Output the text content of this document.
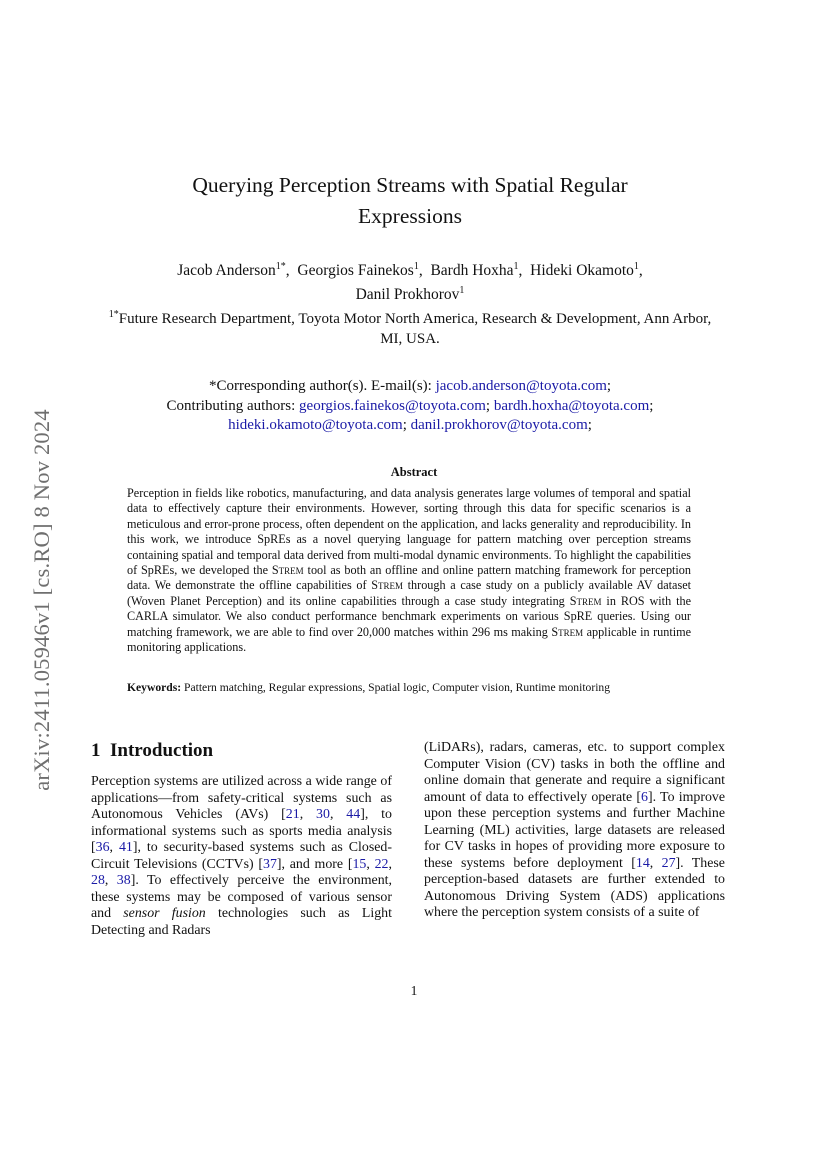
arXiv:2411.05946v1 [cs.RO] 8 Nov 2024
Querying Perception Streams with Spatial Regular Expressions
Jacob Anderson$^{1*}$,  Georgios Fainekos$^1$,  Bardh Hoxha$^1$,  Hideki Okamoto$^1$,
Danil Prokhorov$^1$
$^{1*}$Future Research Department, Toyota Motor North America, Research & Development, Ann Arbor, MI, USA.
*Corresponding author(s). E-mail(s): jacob.anderson@toyota.com;
Contributing authors: georgios.fainekos@toyota.com; bardh.hoxha@toyota.com;
hideki.okamoto@toyota.com; danil.prokhorov@toyota.com;
Abstract

Perception in fields like robotics, manufacturing, and data analysis generates large volumes of temporal and spatial data to effectively capture their environments. However, sorting through this data for specific scenarios is a meticulous and error-prone process, often dependent on the application, and lacks generality and reproducibility. In this work, we introduce SpREs as a novel querying language for pattern matching over perception streams containing spatial and temporal data derived from multi-modal dynamic environments. To highlight the capabilities of SpREs, we developed the Strem tool as both an offline and online pattern matching framework for perception data. We demonstrate the offline capabilities of Strem through a case study on a publicly available AV dataset (Woven Planet Perception) and its online capabilities through a case study integrating Strem in ROS with the CARLA simulator. We also conduct performance benchmark experiments on various SpRE queries. Using our matching framework, we are able to find over 20,000 matches within 296 ms making Strem applicable in runtime monitoring applications.

Keywords: Pattern matching, Regular expressions, Spatial logic, Computer vision, Runtime monitoring
1 Introduction

Perception systems are utilized across a wide range of applications—from safety-critical systems such as Autonomous Vehicles (AVs) [21, 30, 44], to informational systems such as sports media analysis [36, 41], to security-based systems such as Closed-Circuit Televisions (CCTVs) [37], and more [15, 22, 28, 38]. To effectively perceive the environment, these systems may be composed of various sensor and sensor fusion technologies such as Light Detecting and Radars

(LiDARs), radars, cameras, etc. to support complex Computer Vision (CV) tasks in both the offline and online domain that generate and require a significant amount of data to effectively operate [6]. To improve upon these perception systems and further Machine Learning (ML) activities, large datasets are released for CV tasks in hopes of providing more exposure to these systems before deployment [14, 27]. These perception-based datasets are further extended to Autonomous Driving System (ADS) applications where the perception system consists of a suite of

1
